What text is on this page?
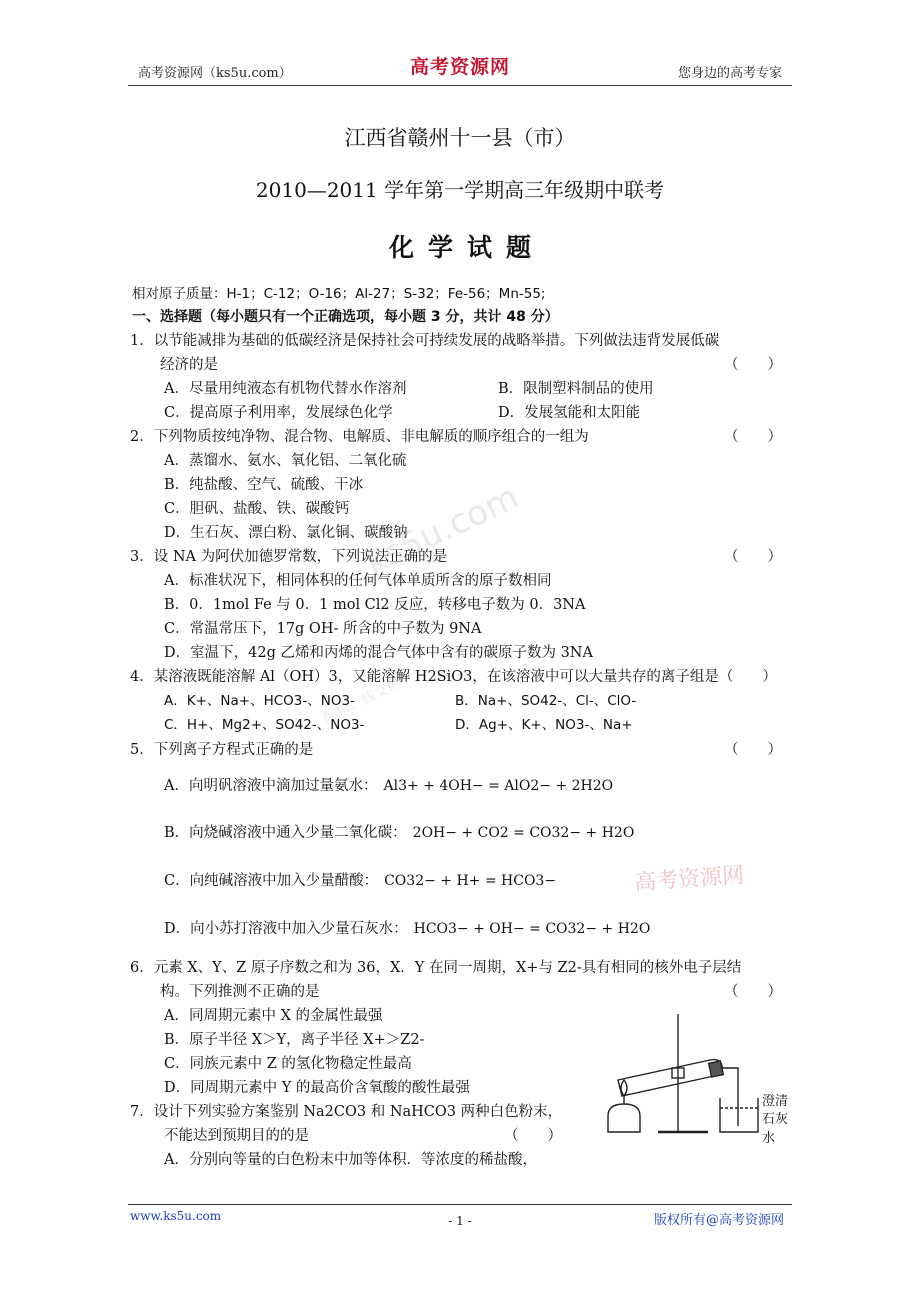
高考资源网（ks5u.com）	高考资源网	您身边的高考专家
江西省赣州十一县（市）
2010—2011 学年第一学期高三年级期中联考
化学试题
相对原子质量：H-1；C-12；O-16；Al-27；S-32；Fe-56；Mn-55;
一、选择题（每小题只有一个正确选项，每小题 3 分，共计 48 分）
1．以节能减排为基础的低碳经济是保持社会可持续发展的战略举措。下列做法违背发展低碳
经济的是	（　　）
A．尽量用纯液态有机物代替水作溶剂	B．限制塑料制品的使用
C．提高原子利用率，发展绿色化学	D．发展氢能和太阳能
2．下列物质按纯净物、混合物、电解质、非电解质的顺序组合的一组为	（　　）
A．蒸馏水、氨水、氧化铝、二氧化硫
B．纯盐酸、空气、硫酸、干冰
C．胆矾、盐酸、铁、碳酸钙
D．生石灰、漂白粉、氯化铜、碳酸钠
3．设 NA 为阿伏加德罗常数，下列说法正确的是	（　　）
A．标准状况下，相同体积的任何气体单质所含的原子数相同
B．0．1mol Fe 与 0．1 mol Cl2 反应，转移电子数为 0．3NA
C．常温常压下，17g OH- 所含的中子数为 9NA
D．室温下，42g 乙烯和丙烯的混合气体中含有的碳原子数为 3NA
4．某溶液既能溶解 Al（OH）3，又能溶解 H2SiO3，在该溶液中可以大量共存的离子组是（　　）
A．K+、Na+、HCO3-、NO3-	B．Na+、SO42-、Cl-、ClO-
C．H+、Mg2+、SO42-、NO3-	D．Ag+、K+、NO3-、Na+
5．下列离子方程式正确的是	（　　）
A．向明矾溶液中滴加过量氨水： Al3+ + 4OH− = AlO2− + 2H2O
B．向烧碱溶液中通入少量二氧化碳： 2OH− + CO2 = CO32− + H2O
C．向纯碱溶液中加入少量醋酸： CO32− + H+ = HCO3−
D．向小苏打溶液中加入少量石灰水： HCO3− + OH− = CO32− + H2O
6．元素 X、Y、Z 原子序数之和为 36，X．Y 在同一周期，X+与 Z2-具有相同的核外电子层结
构。下列推测不正确的是	（　　）
A．同周期元素中 X 的金属性最强
B．原子半径 X＞Y，离子半径 X+＞Z2-
C．同族元素中 Z 的氢化物稳定性最高
D．同周期元素中 Y 的最高价含氧酸的酸性最强
7．设计下列实验方案鉴别 Na2CO3 和 NaHCO3 两种白色粉末，
不能达到预期目的的是	（　　）
A．分别向等量的白色粉末中加等体积．等浓度的稀盐酸，
澄清
石灰水
高考资源网
ks5u.com
编辑：钱文彬
www.ks5u.com	版权所有@高考资源网
- 1 -
